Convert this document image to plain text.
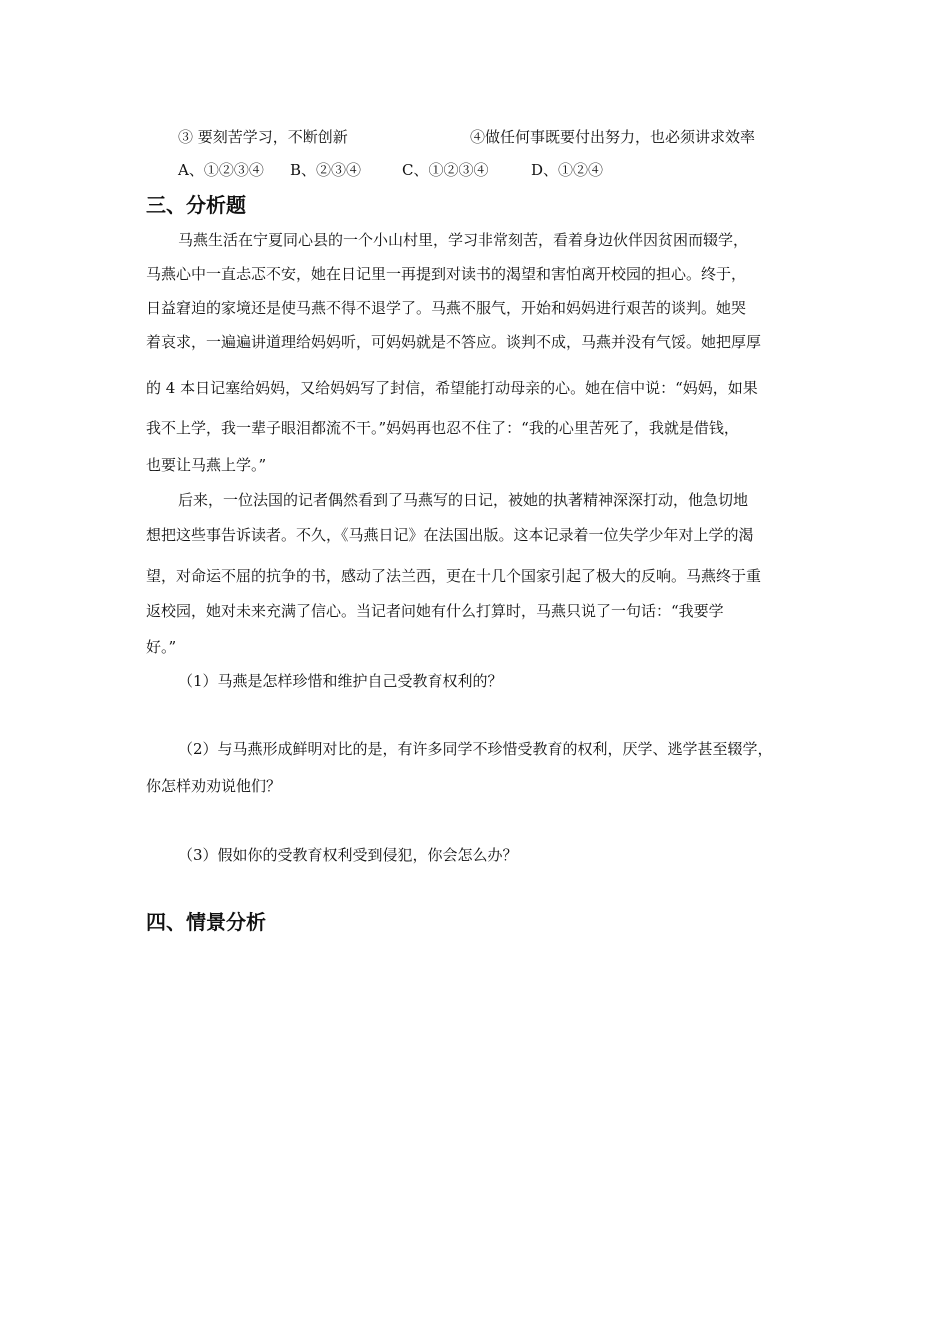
③ 要刻苦学习，不断创新	④做任何事既要付出努力，也必须讲求效率
A、①②③④ B、②③④	C、①②③④	D、①②④
三、分析题
马燕生活在宁夏同心县的一个小山村里，学习非常刻苦，看着身边伙伴因贫困而辍学，
马燕心中一直忐忑不安，她在日记里一再提到对读书的渴望和害怕离开校园的担心。终于，
日益窘迫的家境还是使马燕不得不退学了。马燕不服气，开始和妈妈进行艰苦的谈判。她哭
着哀求，一遍遍讲道理给妈妈听，可妈妈就是不答应。谈判不成，马燕并没有气馁。她把厚厚
的 4 本日记塞给妈妈，又给妈妈写了封信，希望能打动母亲的心。她在信中说：“妈妈，如果
我不上学，我一辈子眼泪都流不干。”妈妈再也忍不住了：“我的心里苦死了，我就是借钱，
也要让马燕上学。”
后来，一位法国的记者偶然看到了马燕写的日记，被她的执著精神深深打动，他急切地
想把这些事告诉读者。不久，《马燕日记》在法国出版。这本记录着一位失学少年对上学的渴
望，对命运不屈的抗争的书，感动了法兰西，更在十几个国家引起了极大的反响。马燕终于重
返校园，她对未来充满了信心。当记者问她有什么打算时，马燕只说了一句话：“我要学
好。”
（1）马燕是怎样珍惜和维护自己受教育权利的？
（2）与马燕形成鲜明对比的是，有许多同学不珍惜受教育的权利，厌学、逃学甚至辍学，
你怎样劝劝说他们？
（3）假如你的受教育权利受到侵犯，你会怎么办？
四、情景分析
